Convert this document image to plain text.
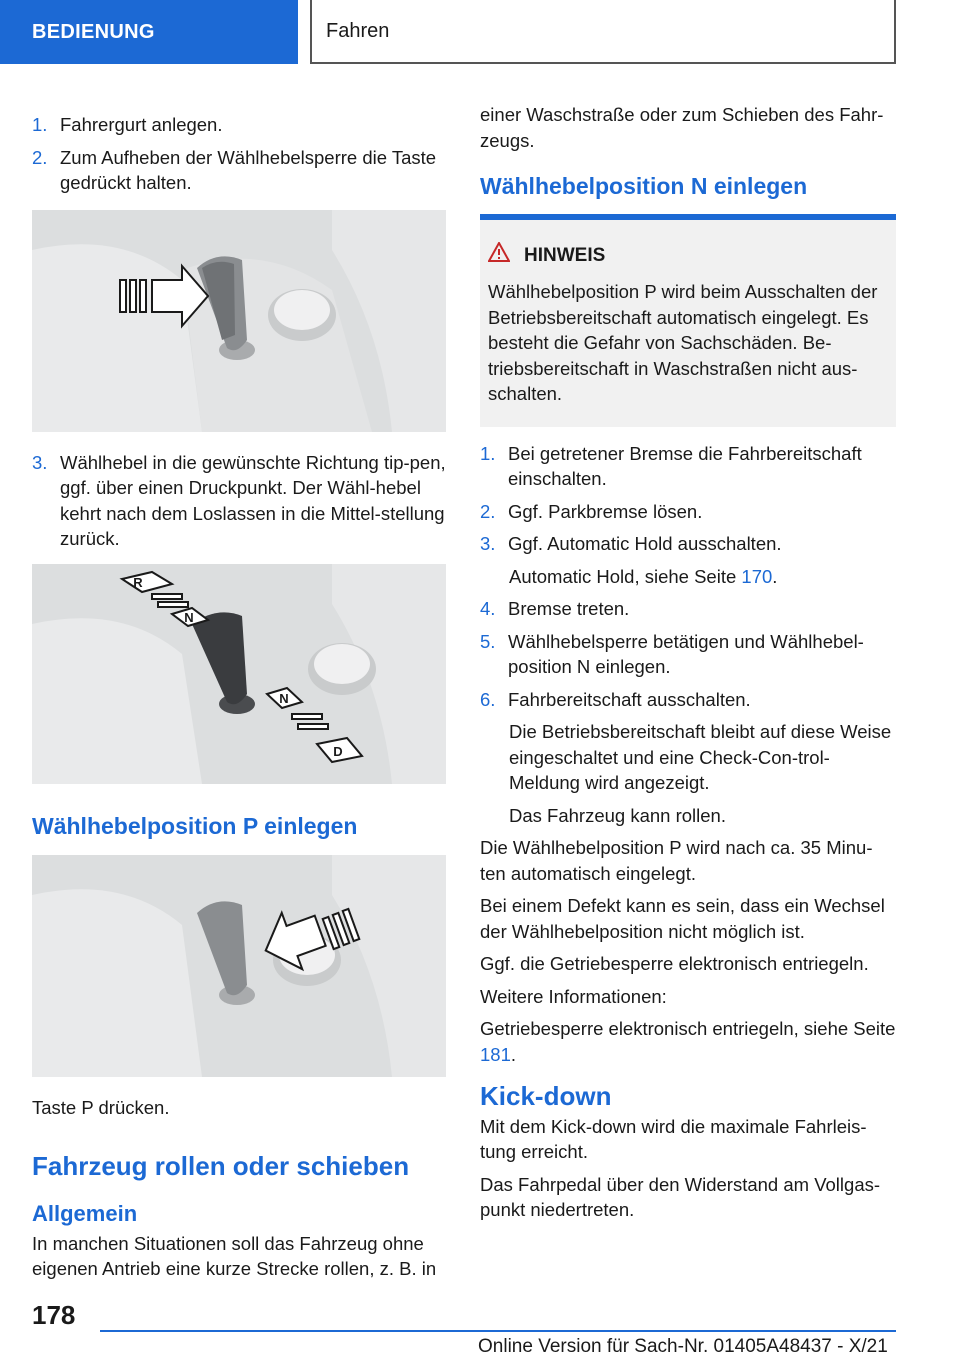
BEDIENUNG	Fahren
1. Fahrergurt anlegen.
2. Zum Aufheben der Wählhebelsperre die Taste gedrückt halten.
3. Wählhebel in die gewünschte Richtung tip-pen, ggf. über einen Druckpunkt. Der Wähl-hebel kehrt nach dem Loslassen in die Mittel-stellung zurück.
R
N
N
D

Wählhebelposition P einlegen

Taste P drücken.

Fahrzeug rollen oder schieben

Allgemein

In manchen Situationen soll das Fahrzeug ohne eigenen Antrieb eine kurze Strecke rollen, z. B. in

einer Waschstraße oder zum Schieben des Fahr-zeugs.

Wählhebelposition N einlegen

HINWEIS
Wählhebelposition P wird beim Ausschalten der Betriebsbereitschaft automatisch eingelegt. Es besteht die Gefahr von Sachschäden. Be-triebsbereitschaft in Waschstraßen nicht aus-schalten.
1. Bei getretener Bremse die Fahrbereitschaft einschalten.
2. Ggf. Parkbremse lösen.
3. Ggf. Automatic Hold ausschalten.

Automatic Hold, siehe Seite 170.

4. Bremse treten.
5. Wählhebelsperre betätigen und Wählhebel-position N einlegen.
6. Fahrbereitschaft ausschalten.

Die Betriebsbereitschaft bleibt auf diese Weise eingeschaltet und eine Check-Con-trol-Meldung wird angezeigt.

Das Fahrzeug kann rollen.

Die Wählhebelposition P wird nach ca. 35 Minu-ten automatisch eingelegt.

Bei einem Defekt kann es sein, dass ein Wechsel der Wählhebelposition nicht möglich ist.

Ggf. die Getriebesperre elektronisch entriegeln.

Weitere Informationen:

Getriebesperre elektronisch entriegeln, siehe Seite 181.

Kick-down

Mit dem Kick-down wird die maximale Fahrleis-tung erreicht.

Das Fahrpedal über den Widerstand am Vollgas-punkt niedertreten.

178
Online Version für Sach-Nr. 01405A48437 - X/21
